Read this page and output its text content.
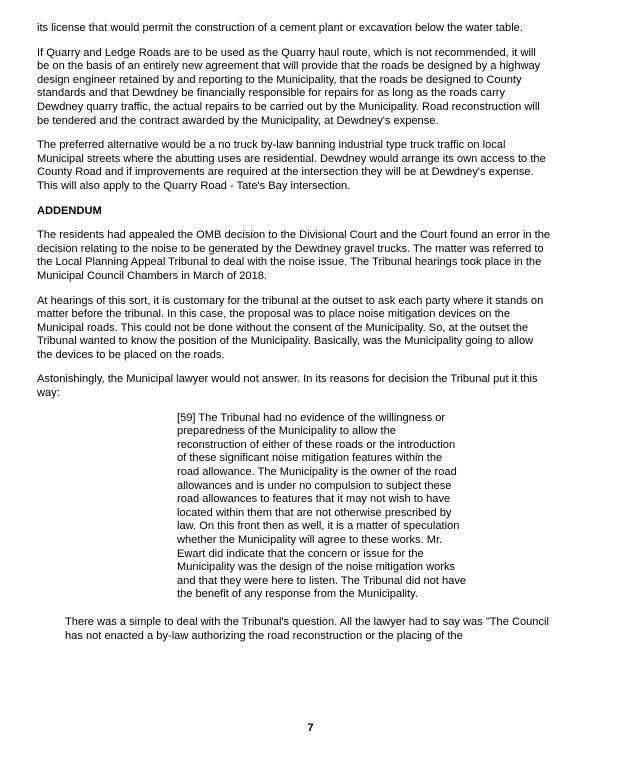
its license that would permit the construction of a cement plant or excavation below the water table.

If Quarry and Ledge Roads are to be used as the Quarry haul route, which is not recommended, it will be on the basis of an entirely new agreement that will provide that the roads be designed by a highway design engineer retained by and reporting to the Municipality, that the roads be designed to County standards and that Dewdney be financially responsible for repairs for as long as the roads carry Dewdney quarry traffic, the actual repairs to be carried out by the Municipality. Road reconstruction will be tendered and the contract awarded by the Municipality, at Dewdney's expense.

The preferred alternative would be a no truck by-law banning industrial type truck traffic on local Municipal streets where the abutting uses are residential. Dewdney would arrange its own access to the County Road and if improvements are required at the intersection they will be at Dewdney's expense. This will also apply to the Quarry Road - Tate's Bay intersection.

ADDENDUM

The residents had appealed the OMB decision to the Divisional Court and the Court found an error in the decision relating to the noise to be generated by the Dewdney gravel trucks. The matter was referred to the Local Planning Appeal Tribunal to deal with the noise issue. The Tribunal hearings took place in the Municipal Council Chambers in March of 2018.

At hearings of this sort, it is customary for the tribunal at the outset to ask each party where it stands on matter before the tribunal. In this case, the proposal was to place noise mitigation devices on the Municipal roads. This could not be done without the consent of the Municipality. So, at the outset the Tribunal wanted to know the position of the Municipality. Basically, was the Municipality going to allow the devices to be placed on the roads.

Astonishingly, the Municipal lawyer would not answer. In its reasons for decision the Tribunal put it this way:

[59] The Tribunal had no evidence of the willingness or preparedness of the Municipality to allow the reconstruction of either of these roads or the introduction of these significant noise mitigation features within the road allowance. The Municipality is the owner of the road allowances and is under no compulsion to subject these road allowances to features that it may not wish to have located within them that are not otherwise prescribed by law. On this front then as well, it is a matter of speculation whether the Municipality will agree to these works. Mr. Ewart did indicate that the concern or issue for the Municipality was the design of the noise mitigation works and that they were here to listen. The Tribunal did not have the benefit of any response from the Municipality.

There was a simple to deal with the Tribunal's question. All the lawyer had to say was "The Council has not enacted a by-law authorizing the road reconstruction or the placing of the

7
